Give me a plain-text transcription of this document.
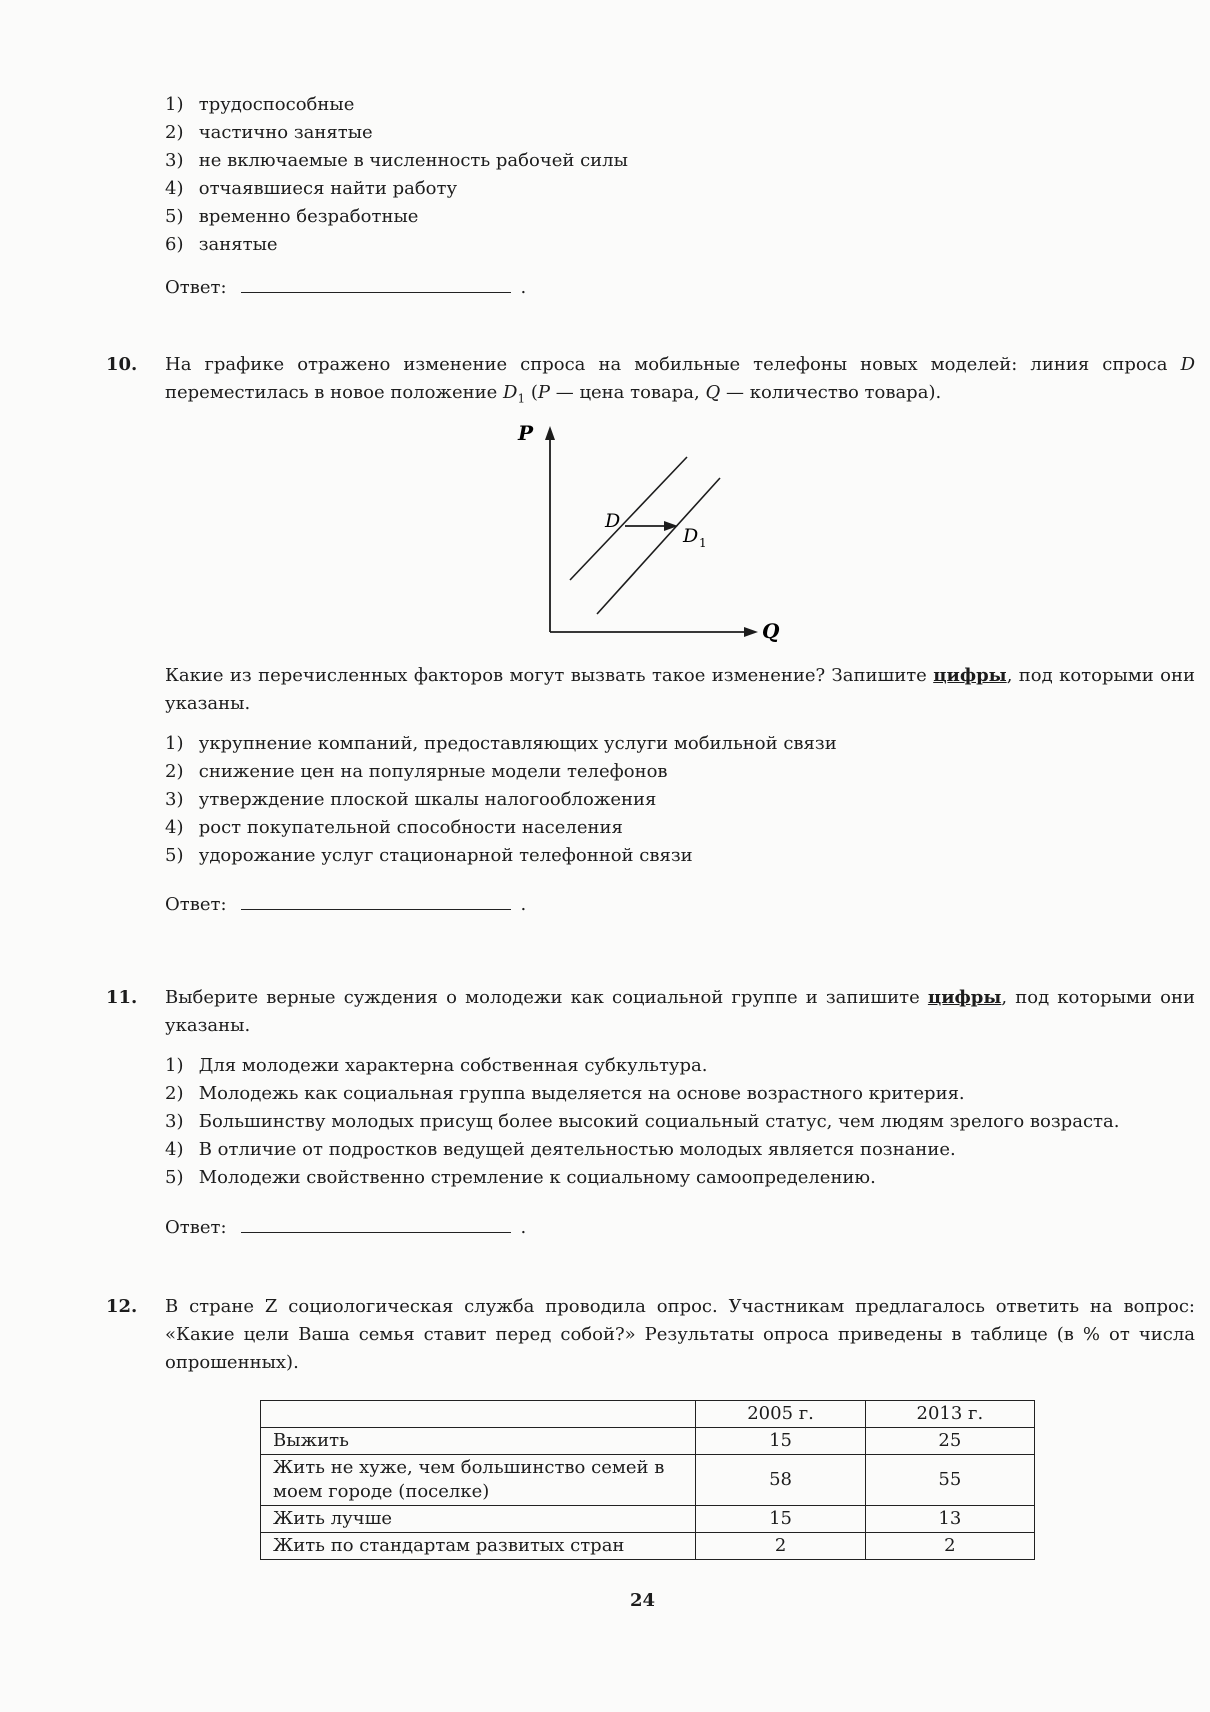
1) трудоспособные
2) частично занятые
3) не включаемые в численность рабочей силы
4) отчаявшиеся найти работу
5) временно безработные
6) занятые
Ответ:	.
10. На графике отражено изменение спроса на мобильные телефоны новых моделей: линия спроса D переместилась в новое положение $D_1$ (P — цена товара, Q — количество товара).
P
Q
D
D 1
Какие из перечисленных факторов могут вызвать такое изменение? Запишите цифры, под которыми они указаны.
1) укрупнение компаний, предоставляющих услуги мобильной связи
2) снижение цен на популярные модели телефонов
3) утверждение плоской шкалы налогообложения
4) рост покупательной способности населения
5) удорожание услуг стационарной телефонной связи
Ответ:	.
11. Выберите верные суждения о молодежи как социальной группе и запишите цифры, под которыми они указаны.
1) Для молодежи характерна собственная субкультура.
2) Молодежь как социальная группа выделяется на основе возрастного критерия.
3) Большинству молодых присущ более высокий социальный статус, чем людям зрелого возраста.
4) В отличие от подростков ведущей деятельностью молодых является познание.
5) Молодежи свойственно стремление к социальному самоопределению.
Ответ:	.
12. В стране Z социологическая служба проводила опрос. Участникам предлагалось ответить на вопрос: «Какие цели Ваша семья ставит перед собой?» Результаты опроса приведены в таблице (в % от числа опрошенных).
	2005 г.	2013 г.
Выжить	15	25
Жить не хуже, чем большинство семей в моем городе (поселке)	58	55
Жить лучше	15	13
Жить по стандартам развитых стран	2	2
24
